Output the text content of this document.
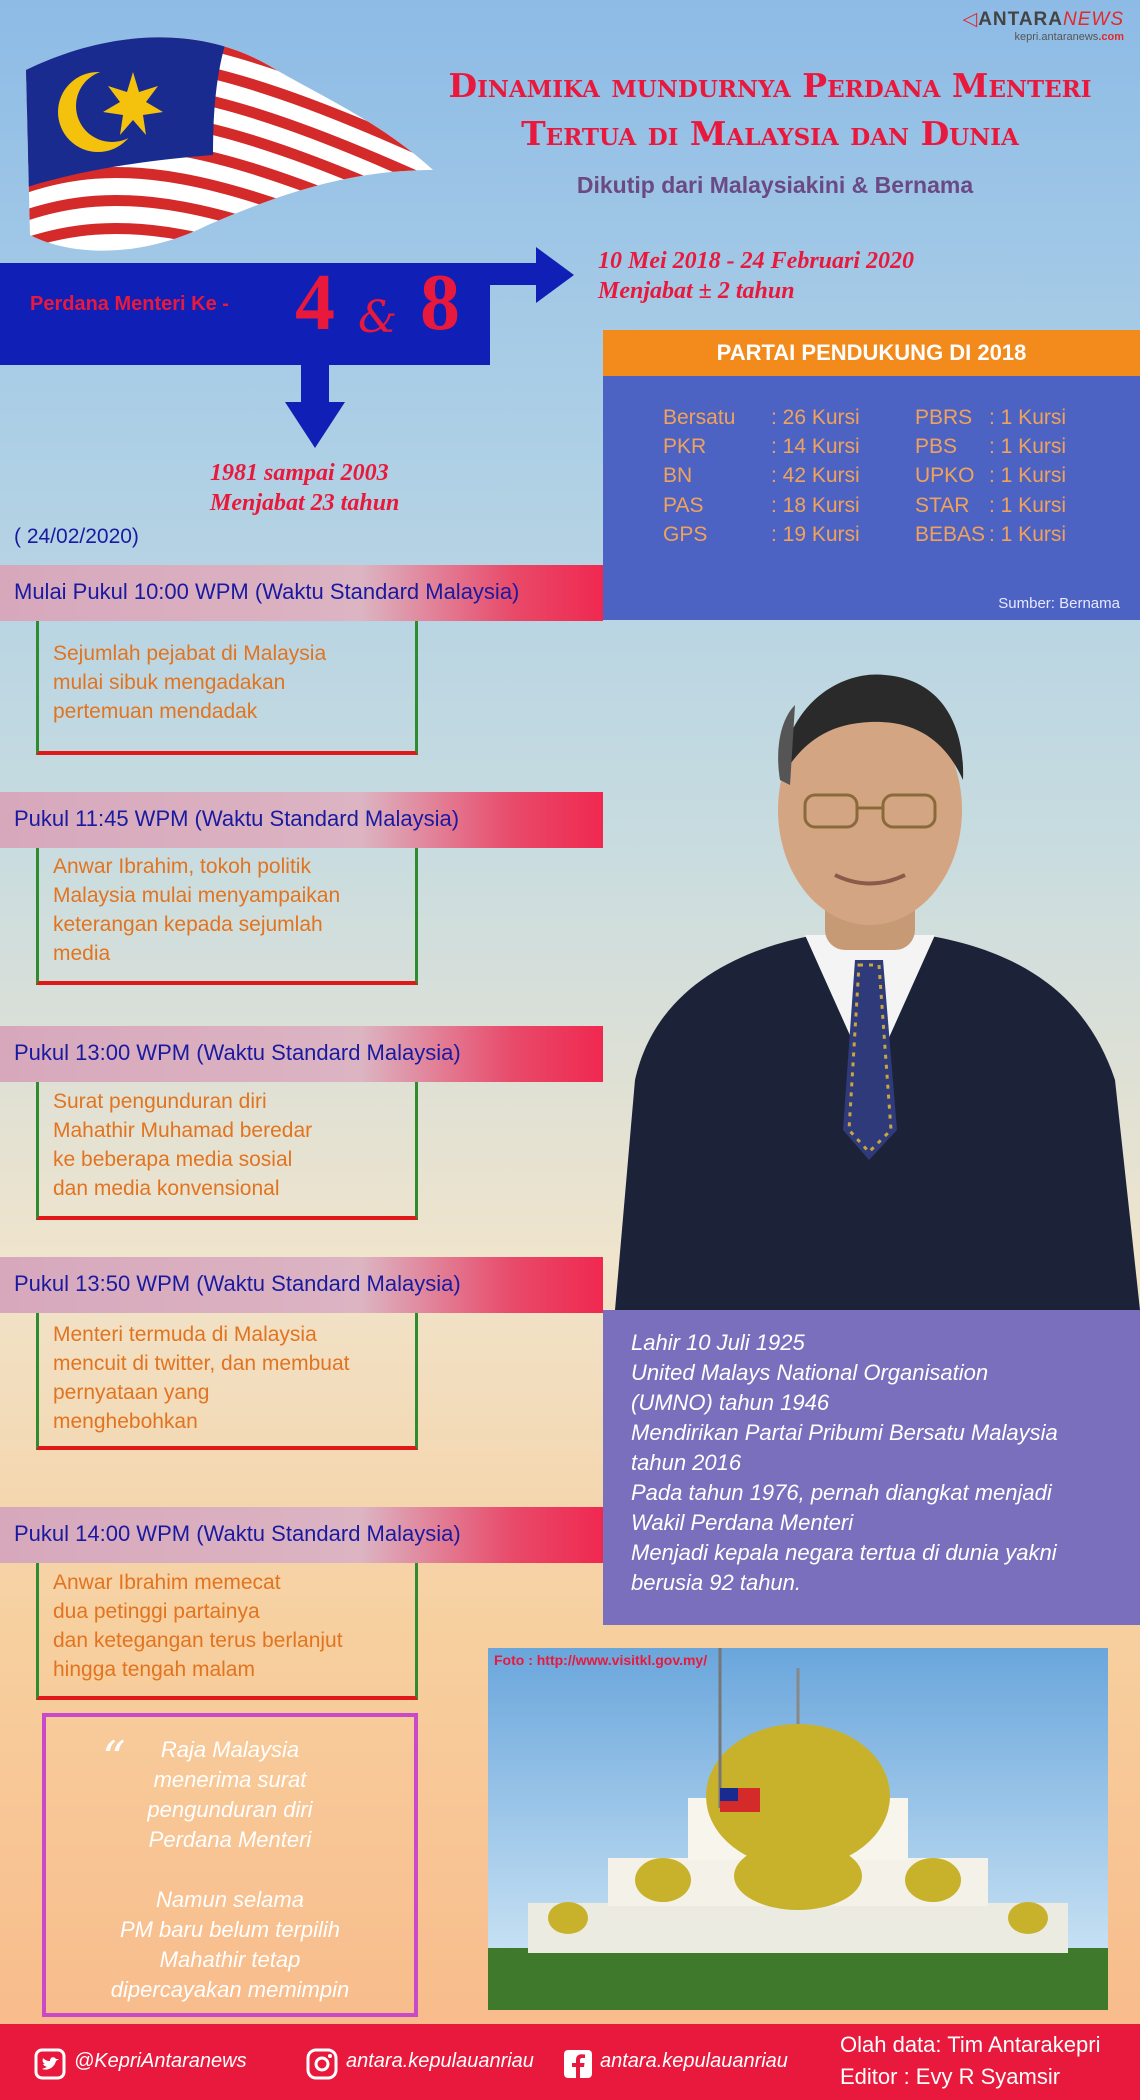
◁ANTARANEWS
kepri.antaranews.com
Dinamika mundurnya Perdana Menteri
Tertua di Malaysia dan Dunia
Dikutip dari Malaysiakini & Bernama
Perdana Menteri Ke - 4 & 8	10 Mei 2018 - 24 Februari 2020
Menjabat ± 2 tahun
1981 sampai 2003
Menjabat 23 tahun
( 24/02/2020)
PARTAI PENDUKUNG DI 2018
Bersatu : 26 Kursi	PBRS : 1 Kursi
PKR	: 14 Kursi	PBS : 1 Kursi
BN	: 42 Kursi	UPKO : 1 Kursi
PAS	: 18 Kursi	STAR : 1 Kursi
GPS	: 19 Kursi	BEBAS : 1 Kursi
Sumber: Bernama
Lahir 10 Juli 1925
United Malays National Organisation
(UMNO) tahun 1946
Mendirikan Partai Pribumi Bersatu Malaysia
tahun 2016
Pada tahun 1976, pernah diangkat menjadi
Wakil Perdana Menteri
Menjadi kepala negara tertua di dunia yakni
berusia 92 tahun.
Mulai Pukul 10:00 WPM (Waktu Standard Malaysia)
Sejumlah pejabat di Malaysia
mulai sibuk mengadakan
pertemuan mendadak
Pukul 11:45 WPM (Waktu Standard Malaysia)
Anwar Ibrahim, tokoh politik
Malaysia mulai menyampaikan
keterangan kepada sejumlah
media
Pukul 13:00 WPM (Waktu Standard Malaysia)
Surat pengunduran diri
Mahathir Muhamad beredar
ke beberapa media sosial
dan media konvensional
Pukul 13:50 WPM (Waktu Standard Malaysia)
Menteri termuda di Malaysia
mencuit di twitter, dan membuat
pernyataan yang
menghebohkan
Pukul 14:00 WPM (Waktu Standard Malaysia)
Anwar Ibrahim memecat
dua petinggi partainya
dan ketegangan terus berlanjut
hingga tengah malam
“	Raja Malaysia
menerima surat
pengunduran diri
Perdana Menteri
Namun selama
PM baru belum terpilih
Mahathir tetap
dipercayakan memimpin
Foto : http://www.visitkl.gov.my/
@KepriAntaranews	antara.kepulauanriau	antara.kepulauanriau
Olah data: Tim Antarakepri
Editor : Evy R Syamsir
